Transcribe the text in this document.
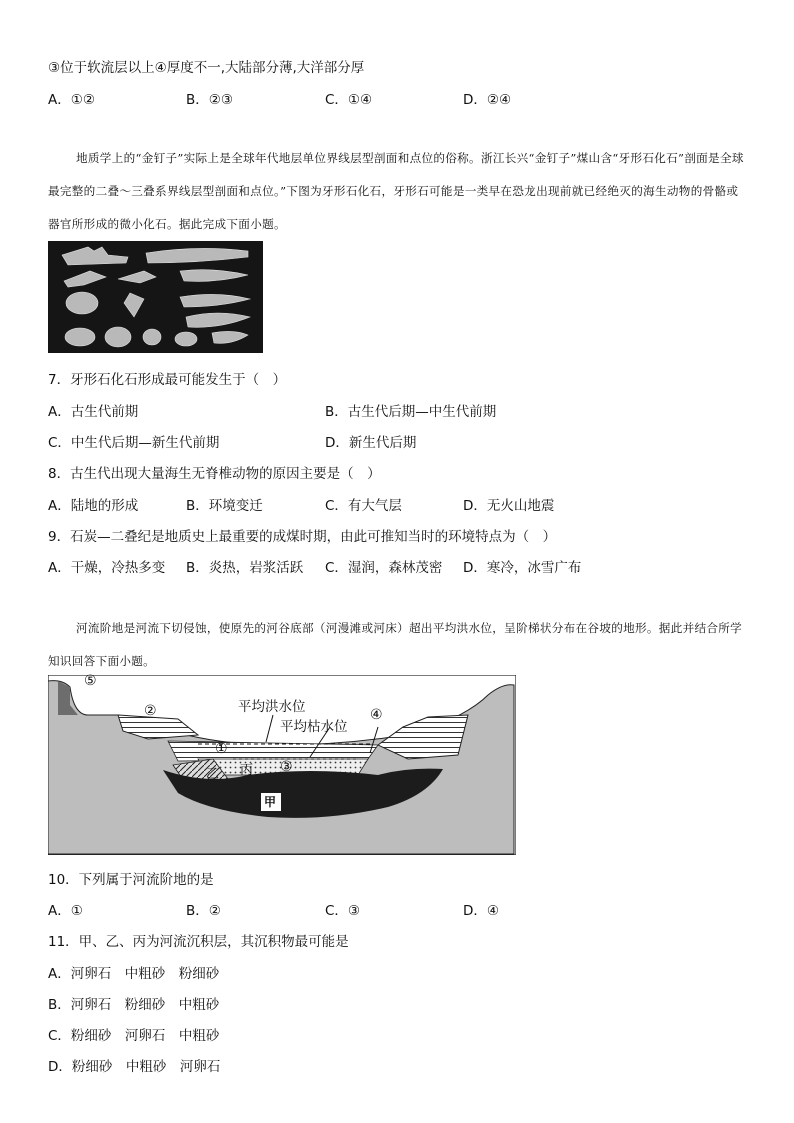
③位于软流层以上④厚度不一,大陆部分薄,大洋部分厚
A．①②	B．②③	C．①④	D．②④
地质学上的“金钉子”实际上是全球年代地层单位界线层型剖面和点位的俗称。浙江长兴“金钉子”煤山含“牙形石化石”剖面是全球最完整的二叠～三叠系界线层型剖面和点位。”下图为牙形石化石，牙形石可能是一类早在恐龙出现前就已经绝灭的海生动物的骨骼或器官所形成的微小化石。据此完成下面小题。
7．牙形石化石形成最可能发生于（　）
A．古生代前期	B．古生代后期—中生代前期
C．中生代后期—新生代前期	D．新生代后期
8．古生代出现大量海生无脊椎动物的原因主要是（　）
A．陆地的形成	B．环境变迁	C．有大气层	D．无火山地震
9．石炭—二叠纪是地质史上最重要的成煤时期，由此可推知当时的环境特点为（　）
A．干燥，冷热多变 B．炎热，岩浆活跃 C．湿润，森林茂密 D．寒冷，冰雪广布
河流阶地是河流下切侵蚀，使原先的河谷底部（河漫滩或河床）超出平均洪水位，呈阶梯状分布在谷坡的地形。据此并结合所学知识回答下面小题。
平均洪水位
平均枯水位
①
②
③
④
⑤
甲
乙 丙
10．下列属于河流阶地的是
A．①	B．②	C．③	D．④
11．甲、乙、丙为河流沉积层，其沉积物最可能是
A．河卵石　中粗砂　粉细砂
B．河卵石　粉细砂　中粗砂
C．粉细砂　河卵石　中粗砂
D．粉细砂　中粗砂　河卵石
